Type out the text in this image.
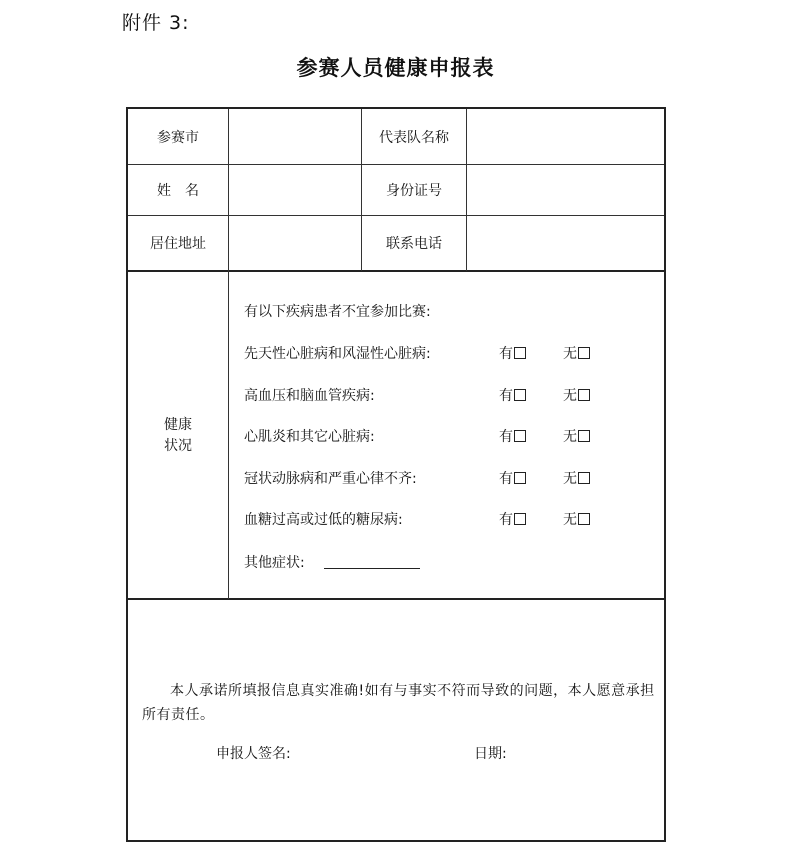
附件 3:
参赛人员健康申报表
参赛市	代表队名称
姓　名	身份证号
居住地址	联系电话
健康
状况
有以下疾病患者不宜参加比赛:
先天性心脏病和风湿性心脏病:	有	无
高血压和脑血管疾病:	有	无
心肌炎和其它心脏病:	有	无
冠状动脉病和严重心律不齐:	有	无
血糖过高或过低的糖尿病:	有	无
其他症状:
本人承诺所填报信息真实准确!如有与事实不符而导致的问题，本人愿意承担所有责任。
申报人签名:	日期:
